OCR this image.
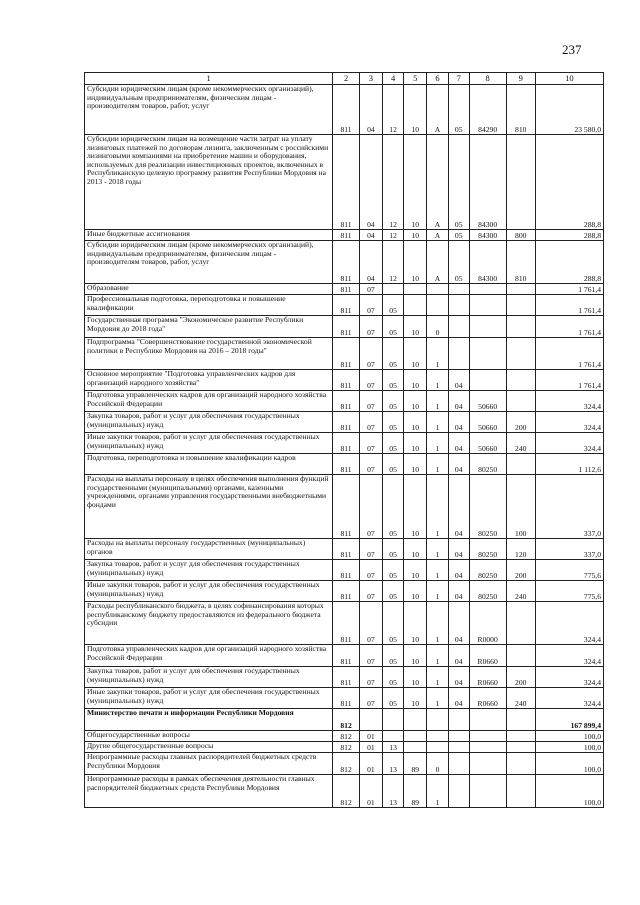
237
1	2	3	4	5	6	7	8	9	10
Субсидии юридическим лицам (кроме некоммерческих организаций), индивидуальным предпринимателям, физическим лицам - производителям товаров, работ, услуг	811	04	12	10	А	05	84290	810	23 580,0
Субсидии юридическим лицам на возмещение части затрат на уплату лизинговых платежей по договорам лизинга, заключенным с российскими лизинговыми компаниями на приобретение машин и оборудования, используемых для реализации инвестиционных проектов, включенных в Республиканскую целевую программу развития Республики Мордовия на 2013 - 2018 годы	811	04	12	10	А	05	84300		288,8
Иные бюджетные ассигнования	811	04	12	10	А	05	84300	800	288,8
Субсидии юридическим лицам (кроме некоммерческих организаций), индивидуальным предпринимателям, физическим лицам - производителям товаров, работ, услуг	811	04	12	10	А	05	84300	810	288,8
Образование	811	07							1 761,4
Профессиональная подготовка, переподготовка и повышение квалификации	811	07	05						1 761,4
Государственная программа "Экономическое развитие Республики Мордовия до 2018 года"	811	07	05	10	0				1 761,4
Подпрограмма "Совершенствование государственной экономической политики в Республике Мордовия на 2016 – 2018 годы"	811	07	05	10	1				1 761,4
Основное мероприятие "Подготовка управленческих кадров для организаций народного хозяйства"	811	07	05	10	1	04			1 761,4
Подготовка управленческих кадров для организаций народного хозяйства Российской Федерации	811	07	05	10	1	04	50660		324,4
Закупка товаров, работ и услуг для обеспечения государственных (муниципальных) нужд	811	07	05	10	1	04	50660	200	324,4
Иные закупки товаров, работ и услуг для обеспечения государственных (муниципальных) нужд	811	07	05	10	1	04	50660	240	324,4
Подготовка, переподготовка и повышение квалификации кадров	811	07	05	10	1	04	80250		1 112,6
Расходы на выплаты персоналу в целях обеспечения выполнения функций государственными (муниципальными) органами, казенными учреждениями, органами управления государственными внебюджетными фондами	811	07	05	10	1	04	80250	100	337,0
Расходы на выплаты персоналу государственных (муниципальных) органов	811	07	05	10	1	04	80250	120	337,0
Закупка товаров, работ и услуг для обеспечения государственных (муниципальных) нужд	811	07	05	10	1	04	80250	200	775,6
Иные закупки товаров, работ и услуг для обеспечения государственных (муниципальных) нужд	811	07	05	10	1	04	80250	240	775,6
Расходы республиканского бюджета, в целях софинансирования которых республиканскому бюджету предоставляются из федерального бюджета субсидии	811	07	05	10	1	04	R0000		324,4
Подготовка управленческих кадров для организаций народного хозяйства Российской Федерации	811	07	05	10	1	04	R0660		324,4
Закупка товаров, работ и услуг для обеспечения государственных (муниципальных) нужд	811	07	05	10	1	04	R0660	200	324,4
Иные закупки товаров, работ и услуг для обеспечения государственных (муниципальных) нужд	811	07	05	10	1	04	R0660	240	324,4
Министерство печати и информации Республики Мордовия	812								167 899,4
Общегосударственные вопросы	812	01							100,0
Другие общегосударственные вопросы	812	01	13						100,0
Непрограммные расходы главных распорядителей бюджетных средств Республики Мордовия	812	01	13	89	0				100,0
Непрограммные расходы в рамках обеспечения деятельности главных распорядителей бюджетных средств Республики Мордовия	812	01	13	89	1				100,0
